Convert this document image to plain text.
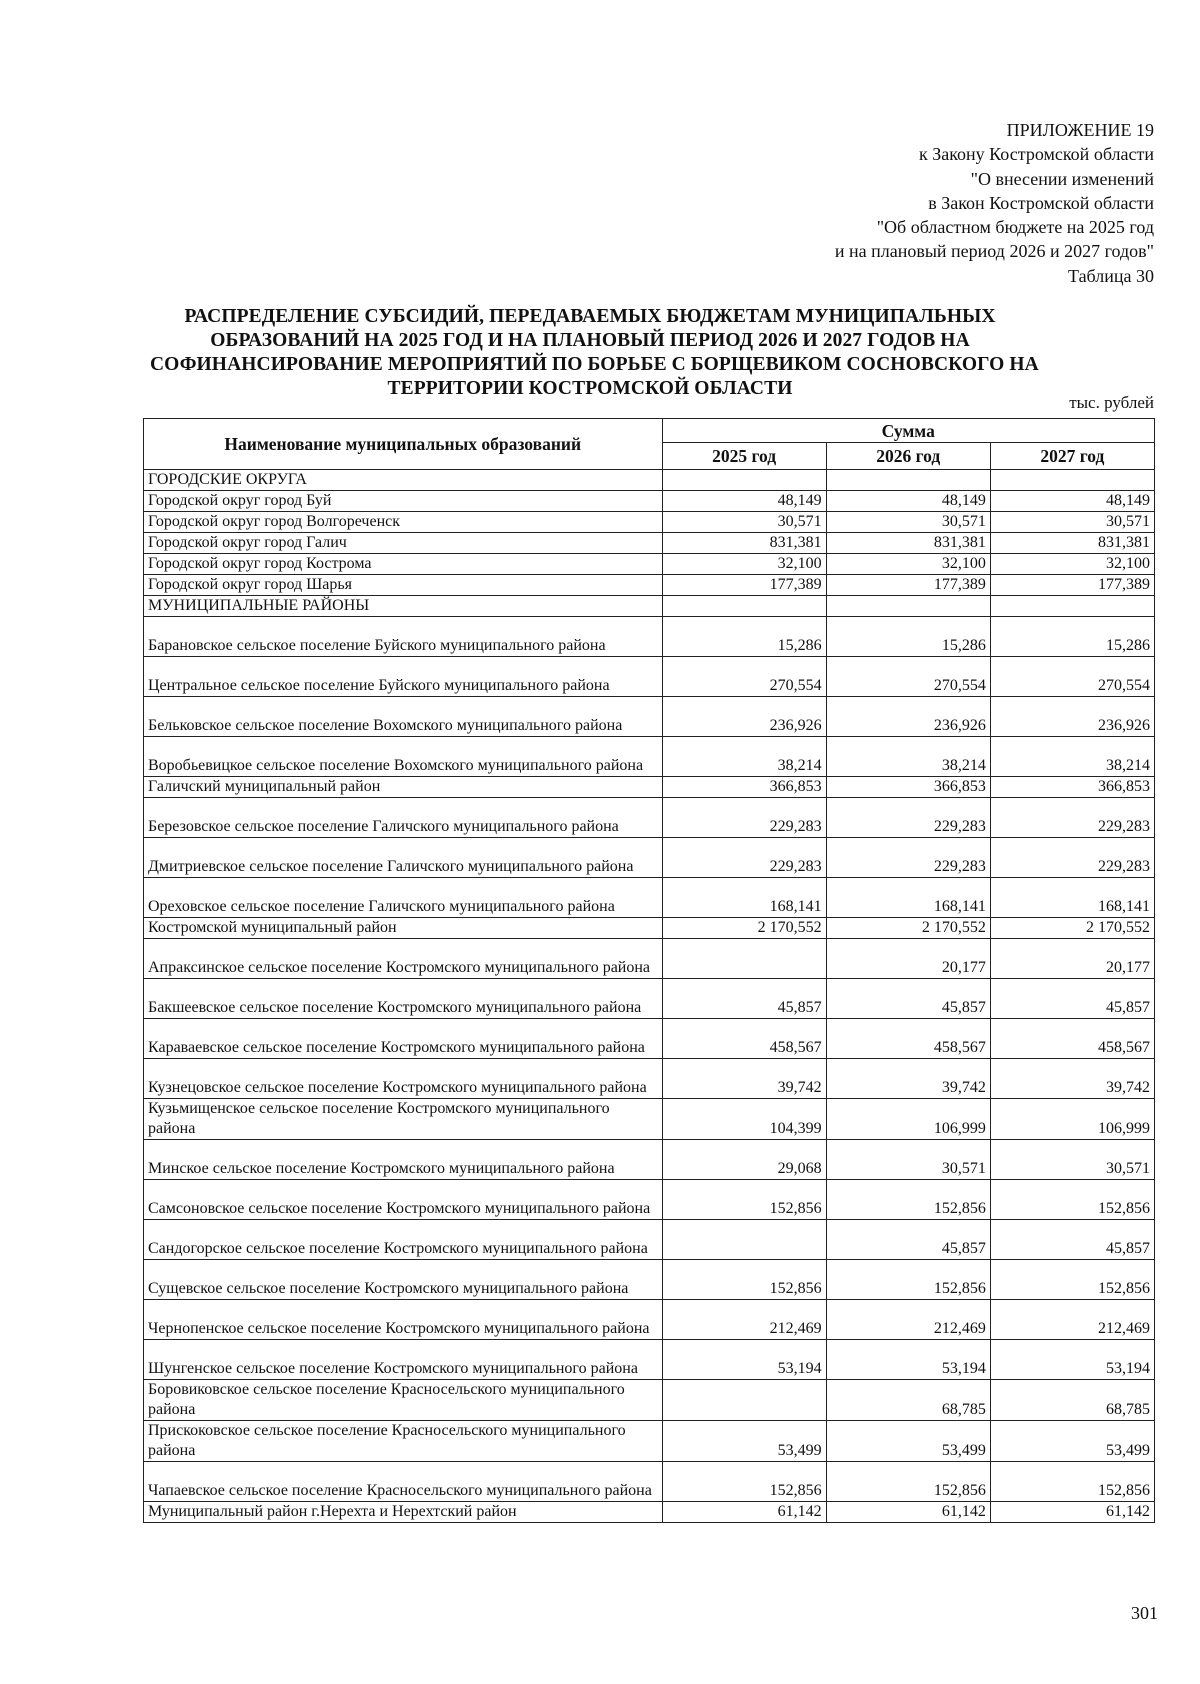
ПРИЛОЖЕНИЕ 19
к Закону Костромской области
"О внесении изменений
в Закон Костромской области
"Об областном бюджете на 2025 год
и на плановый период 2026 и 2027 годов"
Таблица 30
РАСПРЕДЕЛЕНИЕ СУБСИДИЙ, ПЕРЕДАВАЕМЫХ БЮДЖЕТАМ МУНИЦИПАЛЬНЫХ
ОБРАЗОВАНИЙ НА 2025 ГОД И НА ПЛАНОВЫЙ ПЕРИОД 2026 И 2027 ГОДОВ НА
СОФИНАНСИРОВАНИЕ МЕРОПРИЯТИЙ ПО БОРЬБЕ С БОРЩЕВИКОМ СОСНОВСКОГО НА
ТЕРРИТОРИИ КОСТРОМСКОЙ ОБЛАСТИ
тыс. рублей
Наименование муниципальных образований	Сумма		
	2025 год	2026 год	2027 год
ГОРОДСКИЕ ОКРУГА			
Городской округ город Буй	48,149	48,149	48,149
Городской округ город Волгореченск	30,571	30,571	30,571
Городской округ город Галич	831,381	831,381	831,381
Городской округ город Кострома	32,100	32,100	32,100
Городской округ город Шарья	177,389	177,389	177,389
МУНИЦИПАЛЬНЫЕ РАЙОНЫ			
Барановское сельское поселение Буйского муниципального района	15,286	15,286	15,286
Центральное сельское поселение Буйского муниципального района	270,554	270,554	270,554
Бельковское сельское поселение Вохомского муниципального района	236,926	236,926	236,926
Воробьевицкое сельское поселение Вохомского муниципального района	38,214	38,214	38,214
Галичский муниципальный район	366,853	366,853	366,853
Березовское сельское поселение Галичского муниципального района	229,283	229,283	229,283
Дмитриевское сельское поселение Галичского муниципального района	229,283	229,283	229,283
Ореховское сельское поселение Галичского муниципального района	168,141	168,141	168,141
Костромской муниципальный район	2 170,552	2 170,552	2 170,552
Апраксинское сельское поселение Костромского муниципального района		20,177	20,177
Бакшеевское сельское поселение Костромского муниципального района	45,857	45,857	45,857
Караваевское сельское поселение Костромского муниципального района	458,567	458,567	458,567
Кузнецовское сельское поселение Костромского муниципального района	39,742	39,742	39,742
Кузьмищенское сельское поселение Костромского муниципального района	104,399	106,999	106,999
Минское сельское поселение Костромского муниципального района	29,068	30,571	30,571
Самсоновское сельское поселение Костромского муниципального района	152,856	152,856	152,856
Сандогорское сельское поселение Костромского муниципального района		45,857	45,857
Сущевское сельское поселение Костромского муниципального района	152,856	152,856	152,856
Чернопенское сельское поселение Костромского муниципального района	212,469	212,469	212,469
Шунгенское сельское поселение Костромского муниципального района	53,194	53,194	53,194
Боровиковское сельское поселение Красносельского муниципального района		68,785	68,785
Прискоковское сельское поселение Красносельского муниципального района	53,499	53,499	53,499
Чапаевское сельское поселение Красносельского муниципального района	152,856	152,856	152,856
Муниципальный район г.Нерехта и Нерехтский район	61,142	61,142	61,142
301
